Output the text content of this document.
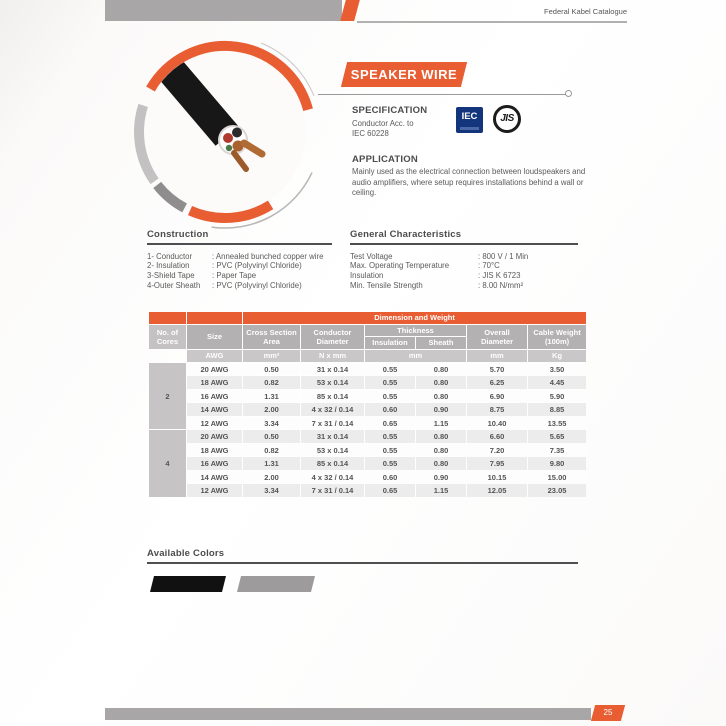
Federal Kabel Catalogue
SPEAKER WIRE
SPECIFICATION
Conductor Acc. to
IEC 60228
IEC	JIS
APPLICATION
Mainly used as the electrical connection between loudspeakers and audio amplifiers, where setup requires installations behind a wall or ceiling.
Construction
1- Conductor	: Annealed bunched copper wire
2- Insulation	: PVC (Polyvinyl Chloride)
3-Shield Tape	: Paper Tape
4-Outer Sheath	: PVC (Polyvinyl Chloride)
General Characteristics
Test Voltage	: 800 V / 1 Min
Max. Operating Temperature	: 70°C
Insulation	: JIS K 6723
Min. Tensile Strength	: 8.00 N/mm²
		Dimension and Weight					
No. of Cores	Size	Cross Section Area	Conductor Diameter	Thickness		Overall Diameter	Cable Weight (100m)
				Insulation	Sheath		
	AWG	mm²	N x mm	mm		mm	Kg
2	20 AWG	0.50	31 x 0.14	0.55	0.80	5.70	3.50
	18 AWG	0.82	53 x 0.14	0.55	0.80	6.25	4.45
	16 AWG	1.31	85 x 0.14	0.55	0.80	6.90	5.90
	14 AWG	2.00	4 x 32 / 0.14	0.60	0.90	8.75	8.85
	12 AWG	3.34	7 x 31 / 0.14	0.65	1.15	10.40	13.55
4	20 AWG	0.50	31 x 0.14	0.55	0.80	6.60	5.65
	18 AWG	0.82	53 x 0.14	0.55	0.80	7.20	7.35
	16 AWG	1.31	85 x 0.14	0.55	0.80	7.95	9.80
	14 AWG	2.00	4 x 32 / 0.14	0.60	0.90	10.15	15.00
	12 AWG	3.34	7 x 31 / 0.14	0.65	1.15	12.05	23.05
Available Colors
25
